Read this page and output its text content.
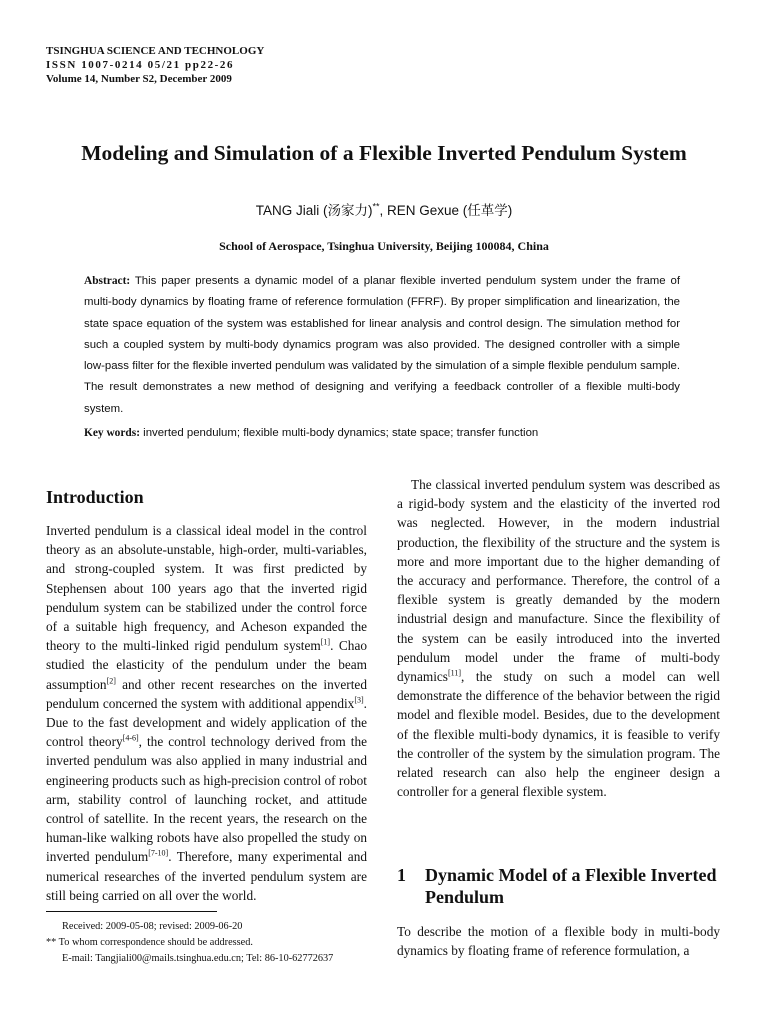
TSINGHUA SCIENCE AND TECHNOLOGY
ISSN 1007-0214 05/21 pp22-26
Volume 14, Number S2, December 2009
Modeling and Simulation of a Flexible Inverted Pendulum System
TANG Jiali (汤家力)**, REN Gexue (任革学)
School of Aerospace, Tsinghua University, Beijing 100084, China
Abstract: This paper presents a dynamic model of a planar flexible inverted pendulum system under the frame of multi-body dynamics by floating frame of reference formulation (FFRF). By proper simplification and linearization, the state space equation of the system was established for linear analysis and control design. The simulation method for such a coupled system by multi-body dynamics program was also provided. The designed controller with a simple low-pass filter for the flexible inverted pendulum was validated by the simulation of a simple flexible pendulum sample. The result demonstrates a new method of designing and verifying a feedback controller of a flexible multi-body system.
Key words: inverted pendulum; flexible multi-body dynamics; state space; transfer function
Introduction

Inverted pendulum is a classical ideal model in the control theory as an absolute-unstable, high-order, multi-variables, and strong-coupled system. It was first predicted by Stephensen about 100 years ago that the inverted rigid pendulum system can be stabilized under the control force of a suitable high frequency, and Acheson expanded the theory to the multi-linked rigid pendulum system[1]. Chao studied the elasticity of the pendulum under the beam assumption[2] and other recent researches on the inverted pendulum concerned the system with additional appendix[3]. Due to the fast development and widely application of the control theory[4-6], the control technology derived from the inverted pendulum was also applied in many industrial and engineering products such as high-precision control of robot arm, stability control of launching rocket, and attitude control of satellite. In the recent years, the research on the human-like walking robots have also propelled the study on inverted pendulum[7-10]. Therefore, many experimental and numerical researches of the inverted pendulum system are still being carried on all over the world.

The classical inverted pendulum system was described as a rigid-body system and the elasticity of the inverted rod was neglected. However, in the modern industrial production, the flexibility of the structure and the system is more and more important due to the higher demanding of the accuracy and performance. Therefore, the control of a flexible system is greatly demanded by the modern industrial design and manufacture. Since the flexibility of the system can be easily introduced into the inverted pendulum model under the frame of multi-body dynamics[11], the study on such a model can well demonstrate the difference of the behavior between the rigid model and flexible model. Besides, due to the development of the flexible multi-body dynamics, it is feasible to verify the controller of the system by the simulation program. The related research can also help the engineer design a controller for a general flexible system.

1 Dynamic Model of a Flexible Inverted Pendulum
To describe the motion of a flexible body in multi-body dynamics by floating frame of reference formulation, a
Received: 2009-05-08; revised: 2009-06-20
** To whom correspondence should be addressed.
E-mail: Tangjiali00@mails.tsinghua.edu.cn; Tel: 86-10-62772637
